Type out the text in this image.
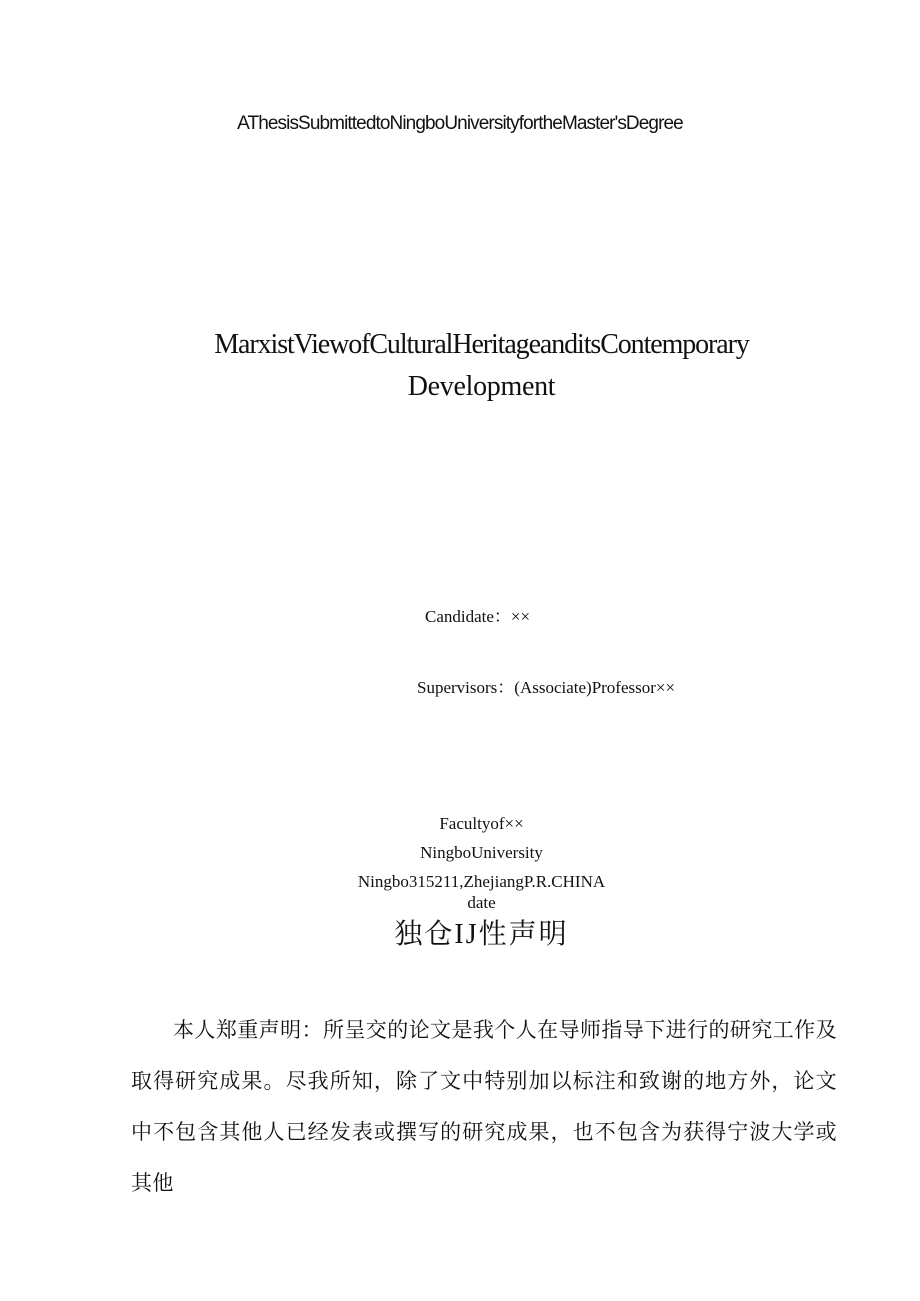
AThesisSubmittedtoNingboUniversityfortheMaster'sDegree
MarxistViewofCulturalHeritageanditsContemporary
Development
Candidate：××
Supervisors：(Associate)Professor××
Facultyof××
NingboUniversity
Ningbo315211,ZhejiangP.R.CHINA
date
独仓IJ性声明

本人郑重声明：所呈交的论文是我个人在导师指导下进行的研究工作及取得研究成果。尽我所知，除了文中特别加以标注和致谢的地方外，论文中不包含其他人已经发表或撰写的研究成果，也不包含为获得宁波大学或其他
